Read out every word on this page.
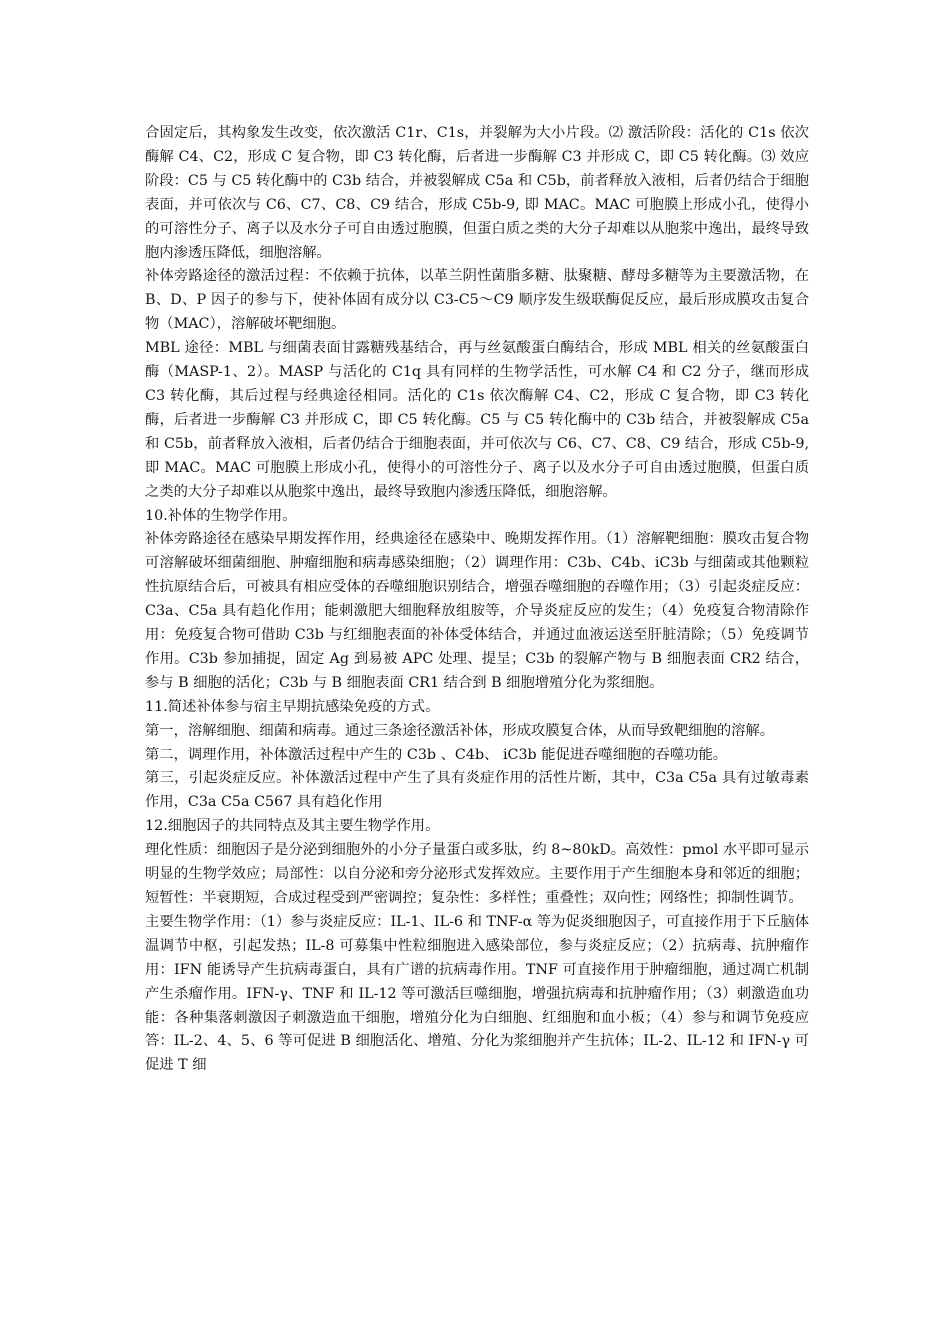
合固定后，其构象发生改变，依次激活 C1r、C1s，并裂解为大小片段。⑵ 激活阶段：活化的 C1s 依次酶解 C4、C2，形成 C 复合物，即 C3 转化酶，后者进一步酶解 C3 并形成 C，即 C5 转化酶。⑶ 效应阶段：C5 与 C5 转化酶中的 C3b 结合，并被裂解成 C5a 和 C5b，前者释放入液相，后者仍结合于细胞表面，并可依次与 C6、C7、C8、C9 结合，形成 C5b-9, 即 MAC。MAC 可胞膜上形成小孔，使得小的可溶性分子、离子以及水分子可自由透过胞膜，但蛋白质之类的大分子却难以从胞浆中逸出，最终导致胞内渗透压降低，细胞溶解。

补体旁路途径的激活过程：不依赖于抗体，以革兰阴性菌脂多糖、肽聚糖、酵母多糖等为主要激活物，在 B、D、P 因子的参与下，使补体固有成分以 C3-C5～C9 顺序发生级联酶促反应，最后形成膜攻击复合物（MAC），溶解破坏靶细胞。

MBL 途径：MBL 与细菌表面甘露糖残基结合，再与丝氨酸蛋白酶结合，形成 MBL 相关的丝氨酸蛋白酶（MASP-1、2）。MASP 与活化的 C1q 具有同样的生物学活性，可水解 C4 和 C2 分子，继而形成 C3 转化酶，其后过程与经典途径相同。活化的 C1s 依次酶解 C4、C2，形成 C 复合物，即 C3 转化酶，后者进一步酶解 C3 并形成 C，即 C5 转化酶。C5 与 C5 转化酶中的 C3b 结合，并被裂解成 C5a 和 C5b，前者释放入液相，后者仍结合于细胞表面，并可依次与 C6、C7、C8、C9 结合，形成 C5b-9,即 MAC。MAC 可胞膜上形成小孔，使得小的可溶性分子、离子以及水分子可自由透过胞膜，但蛋白质之类的大分子却难以从胞浆中逸出，最终导致胞内渗透压降低，细胞溶解。

10.补体的生物学作用。

补体旁路途径在感染早期发挥作用，经典途径在感染中、晚期发挥作用。（1）溶解靶细胞：膜攻击复合物可溶解破坏细菌细胞、肿瘤细胞和病毒感染细胞；（2）调理作用：C3b、C4b、iC3b 与细菌或其他颗粒性抗原结合后，可被具有相应受体的吞噬细胞识别结合，增强吞噬细胞的吞噬作用；（3）引起炎症反应：C3a、C5a 具有趋化作用；能刺激肥大细胞释放组胺等，介导炎症反应的发生；（4）免疫复合物清除作用：免疫复合物可借助 C3b 与红细胞表面的补体受体结合，并通过血液运送至肝脏清除；（5）免疫调节作用。C3b 参加捕捉，固定 Ag 到易被 APC 处理、提呈；C3b 的裂解产物与 B 细胞表面 CR2 结合，参与 B 细胞的活化；C3b 与 B 细胞表面 CR1 结合到 B 细胞增殖分化为浆细胞。

11.简述补体参与宿主早期抗感染免疫的方式。

第一，溶解细胞、细菌和病毒。通过三条途径激活补体，形成攻膜复合体，从而导致靶细胞的溶解。

第二，调理作用，补体激活过程中产生的 C3b 、C4b、 iC3b 能促进吞噬细胞的吞噬功能。

第三，引起炎症反应。补体激活过程中产生了具有炎症作用的活性片断，其中，C3a C5a 具有过敏毒素作用，C3a C5a C567 具有趋化作用

12.细胞因子的共同特点及其主要生物学作用。

理化性质：细胞因子是分泌到细胞外的小分子量蛋白或多肽，约 8~80kD。高效性：pmol 水平即可显示明显的生物学效应；局部性：以自分泌和旁分泌形式发挥效应。主要作用于产生细胞本身和邻近的细胞；短暂性：半衰期短，合成过程受到严密调控；复杂性：多样性；重叠性；双向性；网络性；抑制性调节。

主要生物学作用：（1）参与炎症反应：IL-1、IL-6 和 TNF-α 等为促炎细胞因子，可直接作用于下丘脑体温调节中枢，引起发热；IL-8 可募集中性粒细胞进入感染部位，参与炎症反应；（2）抗病毒、抗肿瘤作用：IFN 能诱导产生抗病毒蛋白，具有广谱的抗病毒作用。TNF 可直接作用于肿瘤细胞，通过凋亡机制产生杀瘤作用。IFN-γ、TNF 和 IL-12 等可激活巨噬细胞，增强抗病毒和抗肿瘤作用；（3）刺激造血功能：各种集落刺激因子刺激造血干细胞，增殖分化为白细胞、红细胞和血小板；（4）参与和调节免疫应答：IL-2、4、5、6 等可促进 B 细胞活化、增殖、分化为浆细胞并产生抗体；IL-2、IL-12 和 IFN-γ 可促进 T 细
